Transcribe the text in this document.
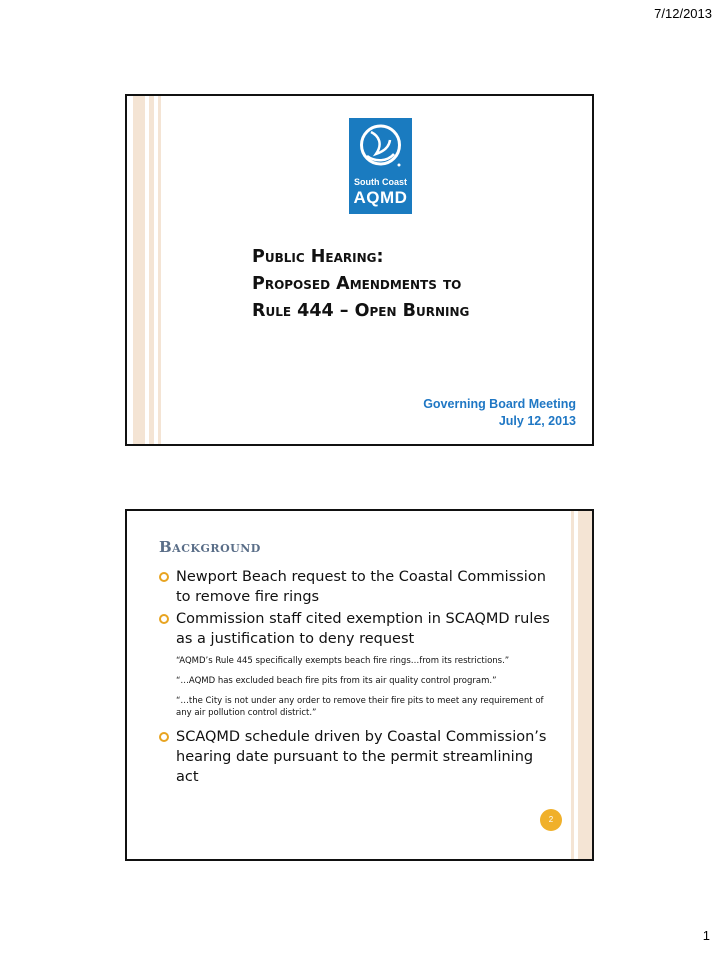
7/12/2013
South Coast
AQMD
Public Hearing:
Proposed Amendments to
Rule 444 – Open Burning
Governing Board Meeting
July 12, 2013
Background
Newport Beach request to the Coastal Commission to remove fire rings
Commission staff cited exemption in SCAQMD rules as a justification to deny request
“AQMD’s Rule 445 specifically exempts beach fire rings…from its restrictions.”
“…AQMD has excluded beach fire pits from its air quality control program.”
“…the City is not under any order to remove their fire pits to meet any requirement of any air pollution control district.”
SCAQMD schedule driven by Coastal Commission’s hearing date pursuant to the permit streamlining act
2
1
